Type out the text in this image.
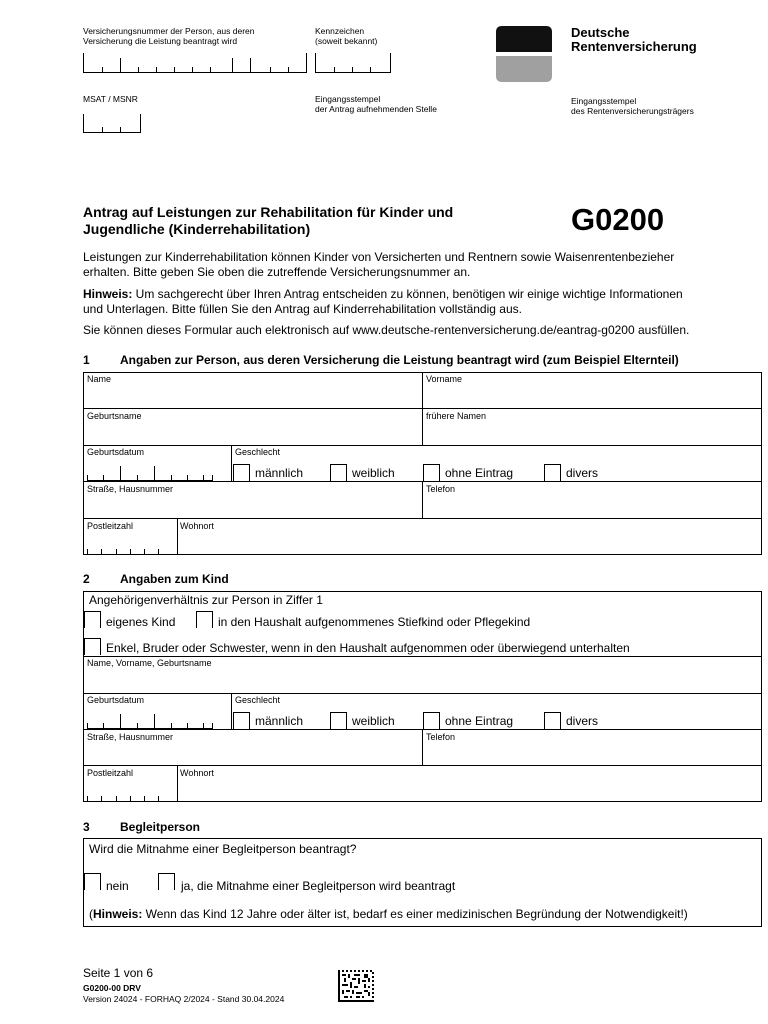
Versicherungsnummer der Person, aus deren
Versicherung die Leistung beantragt wird
Kennzeichen
(soweit bekannt)
Deutsche
Rentenversicherung
MSAT / MSNR	Eingangsstempel
der Antrag aufnehmenden Stelle
Eingangsstempel
des Rentenversicherungsträgers
Antrag auf Leistungen zur Rehabilitation für Kinder und
Jugendliche (Kinderrehabilitation)	G0200
Leistungen zur Kinderrehabilitation können Kinder von Versicherten und Rentnern sowie Waisenrentenbezieher
erhalten. Bitte geben Sie oben die zutreffende Versicherungsnummer an.
Hinweis: Um sachgerecht über Ihren Antrag entscheiden zu können, benötigen wir einige wichtige Informationen
und Unterlagen. Bitte füllen Sie den Antrag auf Kinderrehabilitation vollständig aus.
Sie können dieses Formular auch elektronisch auf www.deutsche-rentenversicherung.de/eantrag-g0200 ausfüllen.
1	Angaben zur Person, aus deren Versicherung die Leistung beantragt wird (zum Beispiel Elternteil)
Name	Vorname
Geburtsname	frühere Namen
Geburtsdatum	Geschlecht
männlich	weiblich	ohne Eintrag	divers
Straße, Hausnummer	Telefon
Postleitzahl	Wohnort
2	Angaben zum Kind
Angehörigenverhältnis zur Person in Ziffer 1
eigenes Kind	in den Haushalt aufgenommenes Stiefkind oder Pflegekind
Enkel, Bruder oder Schwester, wenn in den Haushalt aufgenommen oder überwiegend unterhalten
Name, Vorname, Geburtsname
Geburtsdatum	Geschlecht
männlich	weiblich	ohne Eintrag	divers
Straße, Hausnummer	Telefon
Postleitzahl	Wohnort
3	Begleitperson
Wird die Mitnahme einer Begleitperson beantragt?
nein	ja, die Mitnahme einer Begleitperson wird beantragt
(Hinweis: Wenn das Kind 12 Jahre oder älter ist, bedarf es einer medizinischen Begründung der Notwendigkeit!)
Seite 1 von 6
G0200-00 DRV
Version 24024 - FORHAQ 2/2024 - Stand 30.04.2024
